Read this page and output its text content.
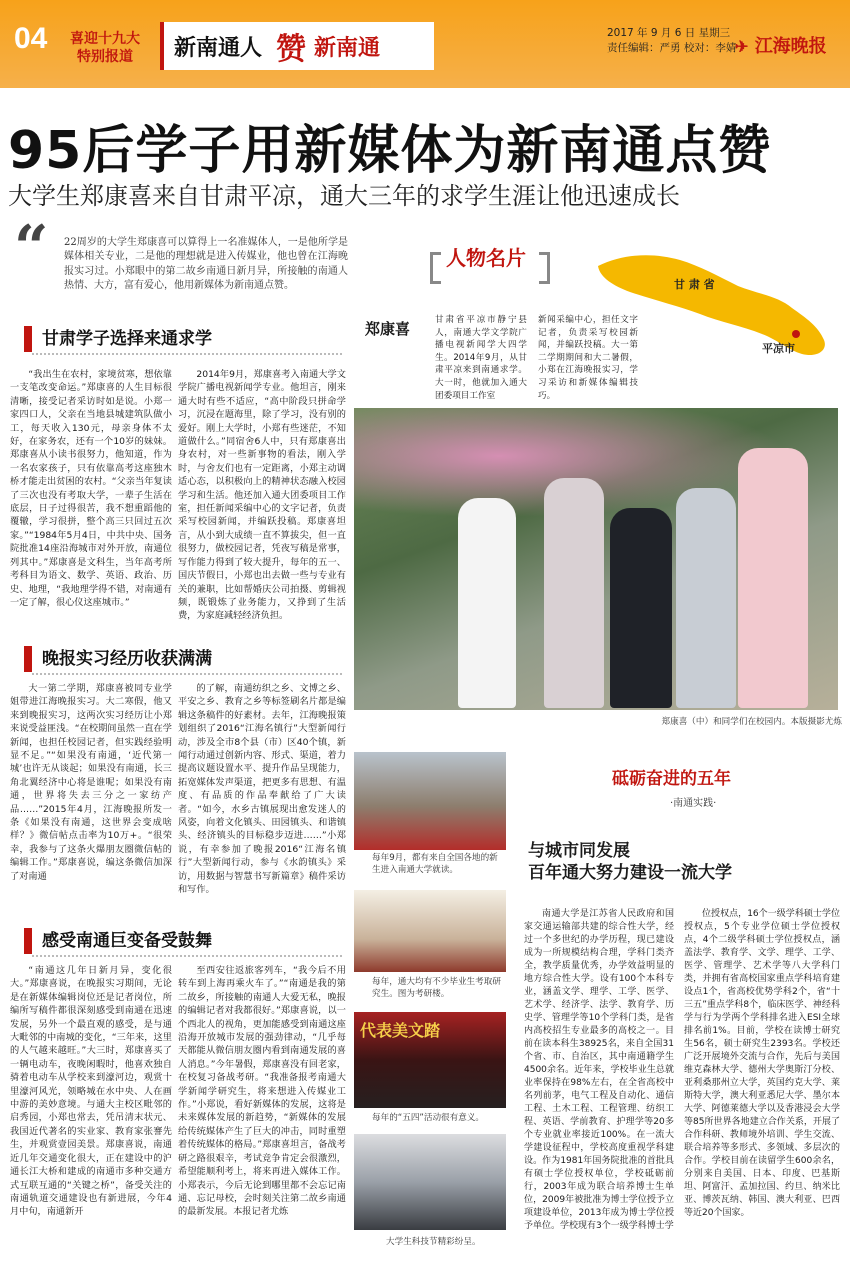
04 喜迎十九大
特别报道	新南通人 赞 新南通
2017 年 9 月 6 日 星期三
责任编辑：严勇 校对：李婧
✈ 江海晚报
95后学子用新媒体为新南通点赞
大学生郑康喜来自甘肃平凉，通大三年的求学生涯让他迅速成长
“ 22周岁的大学生郑康喜可以算得上一名准媒体人，一是他所学是媒体相关专业，二是他的理想就是进入传媒业，他也曾在江海晚报实习过。小郑眼中的第二故乡南通日新月异，所接触的南通人热情、大方，富有爱心，他用新媒体为新南通点赞。
人物名片
郑康喜	甘肃省平凉市静宁县人，南通大学文学院广播电视新闻学大四学生。2014年9月，从甘肃平凉来到南通求学。大一时，他就加入通大团委项目工作室
新闻采编中心，担任文字记者，负责采写校园新闻，并编跃投稿。大一第二学期期间和大二暑假，小郑在江海晚报实习，学习采访和新媒体编辑技巧。
甘 肃 省
平凉市
甘肃学子选择来通求学

“我出生在农村，家境贫寒，想依靠一支笔改变命运。”郑康喜的人生目标很清晰，接受记者采访时如是说。小郑一家四口人，父亲在当地县城建筑队做小工，每天收入130元，母亲身体不太好，在家务农，还有一个10岁的妹妹。郑康喜从小读书很努力，他知道，作为一名农家孩子，只有依靠高考这座独木桥才能走出贫困的农村。“父亲当年复读了三次也没有考取大学，一辈子生活在底层，日子过得很苦，我不想重蹈他的覆辙，学习很拼，整个高三只回过五次家。”“1984年5月4日，中共中央、国务院批准14座沿海城市对外开放，南通位列其中。”郑康喜是文科生，当年高考所考科目为语文、数学、英语、政治、历史、地理，“我地理学得不错，对南通有一定了解，很心仪这座城市。”

2014年9月，郑康喜考入南通大学文学院广播电视新闻学专业。他坦言，刚来通大时有些不适应，“高中阶段只拼命学习，沉浸在题海里，除了学习，没有别的爱好。刚上大学时，小郑有些迷茫，不知道做什么。”同宿舍6人中，只有郑康喜出身农村，对一些新事物的看法，刚入学时，与舍友们也有一定距离，小郑主动调适心态，以积极向上的精神状态融入校园学习和生活。他还加入通大团委项目工作室，担任新闻采编中心的文字记者，负责采写校园新闻，并编跃投稿。郑康喜坦言，从小到大成绩一直不算拔尖，但一直很努力，做校园记者，凭夜写稿是常事，写作能力得到了较大提升，每年的五一、国庆节假日，小郑也出去做一些与专业有关的兼职，比如帮婚庆公司拍摄、剪辑视频，既锻炼了业务能力，又挣到了生活费，为家庭减轻经济负担。

晚报实习经历收获满满

大一第二学期，郑康喜被同专业学姐带进江海晚报实习。大二寒假，他又来到晚报实习，这两次实习经历让小郑来说受益匪浅。“在校期间虽然一直在学新闻，也担任校园记者，但实践经验明显不足。”“如果没有南通，‘近代第一城’也许无从谈起；如果没有南通，长三角北翼经济中心将是谁呢；如果没有南通，世界将失去三分之一家纺产品……”2015年4月，江海晚报所发一条《如果没有南通，这世界会变成啥样？》微信帖点击率为10万+。“很荣幸，我参与了这条火爆朋友圈微信帖的编辑工作。”郑康喜说，编这条微信加深了对南通

的了解，南通纺织之乡、文博之乡、平安之乡、教育之乡等标签刷名片都是编辑这条稿件的好素材。去年，江海晚报策划组织了2016“江海名镇行”大型新闻行动，涉及全市8个县（市）区40个镇，新闻行动通过创新内容、形式、渠道，着力提高议题设置水平、提升作品呈现能力，拓宽媒体发声渠道，把更多有思想、有温度、有品质的作品奉献给了广大读者。“如今，水乡古镇展现出愈发迷人的风姿，向着文化镇头、田园镇头、和谐镇头、经济镇头的目标稳步迈进……”小郑说，有幸参加了晚报2016“江海名镇行”大型新闻行动，参与《水韵镇头》采访，用数据与智慧书写新篇章》稿件采访和写作。

感受南通巨变备受鼓舞

“南通这几年日新月异，变化很大。”郑康喜说，在晚报实习期间，无论是在新媒体编辑岗位还是记者岗位，所编所写稿件都很深刻感受到南通在迅速发展，另外一个最直观的感受，是与通大毗邻的中南城的变化，“三年来，这里的人气越来越旺。”大三时，郑康喜买了一辆电动车，夜晚闲暇时，他喜欢独自骑着电动车从学校来到濠河边，观赏十里濠河风光，领略城在水中央、人在画中游的美妙意境。与通大主校区毗邻的启秀园，小郑也常去，凭吊清末状元、我国近代著名的实业家、教育家张謇先生，并观赏壹园美景。郑康喜说，南通近几年交通变化很大，正在建设中的沪通长江大桥和建成的南通市多种交通方式互联互通的“关键之桥”，备受关注的南通轨道交通建设也有新进展，今年4月中旬，南通新开

至西安往返旅客列车，“我今后不用转车到上海再乘火车了。”“南通是我的第二故乡，所接触的南通人大爱无私，晚报的编辑记者对我都很好。”郑康喜说，以一个西北人的视角，更加能感受到南通这座沿海开放城市发展的强劲律动，“几乎每天都能从微信朋友圈内看到南通发展的喜人消息。”今年暑假，郑康喜没有回老家，在校复习备战考研。“我准备报考南通大学新闻学研究生，将来想进入传媒业工作。”小郑说，看好新媒体的发展，这将是未来媒体发展的新趋势，“新媒体的发展给传统媒体产生了巨大的冲击，同时重塑着传统媒体的格局。”郑康喜坦言，备战考研之路很艰辛，考试竞争肯定会很激烈，希望能顺利考上，将来再进入媒体工作。小郑表示，今后无论到哪里都不会忘记南通、忘记母校，会时刻关注第二故乡南通的最新发展。本报记者尤炼

郑康喜（中）和同学们在校园内。本版摄影尤炼
每年9月，都有来自全国各地的新生进入南通大学就读。
每年，通大均有不少毕业生考取研究生。图为考研楼。
代表美文踏
每年的“五四”活动很有意义。
大学生科技节精彩纷呈。
砥砺奋进的五年
·南通实践·
与城市同发展
百年通大努力建设一流大学

南通大学是江苏省人民政府和国家交通运输部共建的综合性大学，经过一个多世纪的办学历程，现已建设成为一所规模结构合理，学科门类齐全，教学质量优秀，办学效益明显的地方综合性大学。设有100个本科专业，涵盖文学、理学、工学、医学、艺术学、经济学、法学、教育学、历史学、管理学等10个学科门类，是省内高校招生专业最多的高校之一。目前在读本科生38925名，来自全国31个省、市、自治区，其中南通籍学生4500余名。近年来，学校毕业生总就业率保持在98%左右，在全省高校中名列前茅，电气工程及自动化、通信工程、土木工程、工程管理、纺织工程、英语、学前教育、护理学等20多个专业就业率接近100%。在一流大学建设征程中，学校高度重视学科建设。作为1981年国务院批准的首批具有硕士学位授权单位，学校砥砺前行，2003年成为联合培养博士生单位，2009年被批准为博士学位授予立项建设单位，2013年成为博士学位授予单位。学校现有3个一级学科博士学

位授权点，16个一级学科硕士学位授权点，5个专业学位硕士学位授权点，4个二级学科硕士学位授权点，涵盖法学、教育学、文学、理学、工学、医学、管理学、艺术学等八大学科门类，并拥有省高校国家重点学科培育建设点1个，省高校优势学科2个，省“十三五”重点学科8个，临床医学、神经科学与行为学两个学科排名进入ESI全球排名前1%。目前，学校在读博士研究生56名，硕士研究生2393名。学校还广泛开展境外交流与合作，先后与美国维克森林大学、德州大学奥斯汀分校、亚利桑那州立大学，英国约克大学、莱斯特大学，澳大利亚悉尼大学、墨尔本大学、阿德莱德大学以及香港浸会大学等85所世界各地建立合作关系，开展了合作科研、教师境外培训、学生交流、联合培养等多形式、多领域、多层次的合作。学校目前在读留学生600余名，分别来自美国、日本、印度、巴基斯坦、阿富汗、孟加拉国、约旦、纳米比亚、博茨瓦纳、韩国、澳大利亚、巴西等近20个国家。
